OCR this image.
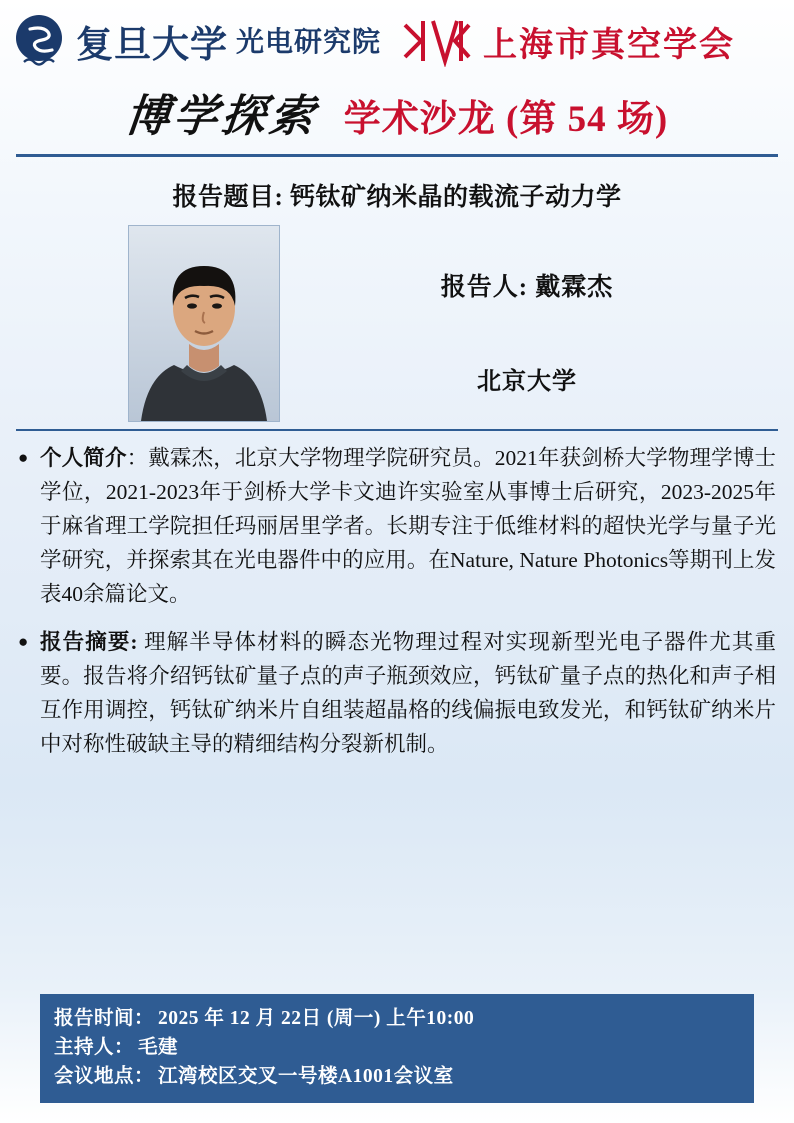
复旦大学 光电研究院	上海市真空学会
博学探索 学术沙龙 (第 54 场)
报告题目: 钙钛矿纳米晶的载流子动力学
报告人: 戴霖杰
北京大学
● 个人简介：戴霖杰，北京大学物理学院研究员。2021年获剑桥大学物理学博士学位，2021-2023年于剑桥大学卡文迪许实验室从事博士后研究，2023-2025年于麻省理工学院担任玛丽居里学者。长期专注于低维材料的超快光学与量子光学研究，并探索其在光电器件中的应用。在Nature, Nature Photonics等期刊上发表40余篇论文。
● 报告摘要: 理解半导体材料的瞬态光物理过程对实现新型光电子器件尤其重要。报告将介绍钙钛矿量子点的声子瓶颈效应，钙钛矿量子点的热化和声子相互作用调控，钙钛矿纳米片自组装超晶格的线偏振电致发光，和钙钛矿纳米片中对称性破缺主导的精细结构分裂新机制。
报告时间： 2025 年 12 月 22日 (周一) 上午10:00
主持人： 毛建
会议地点： 江湾校区交叉一号楼A1001会议室
